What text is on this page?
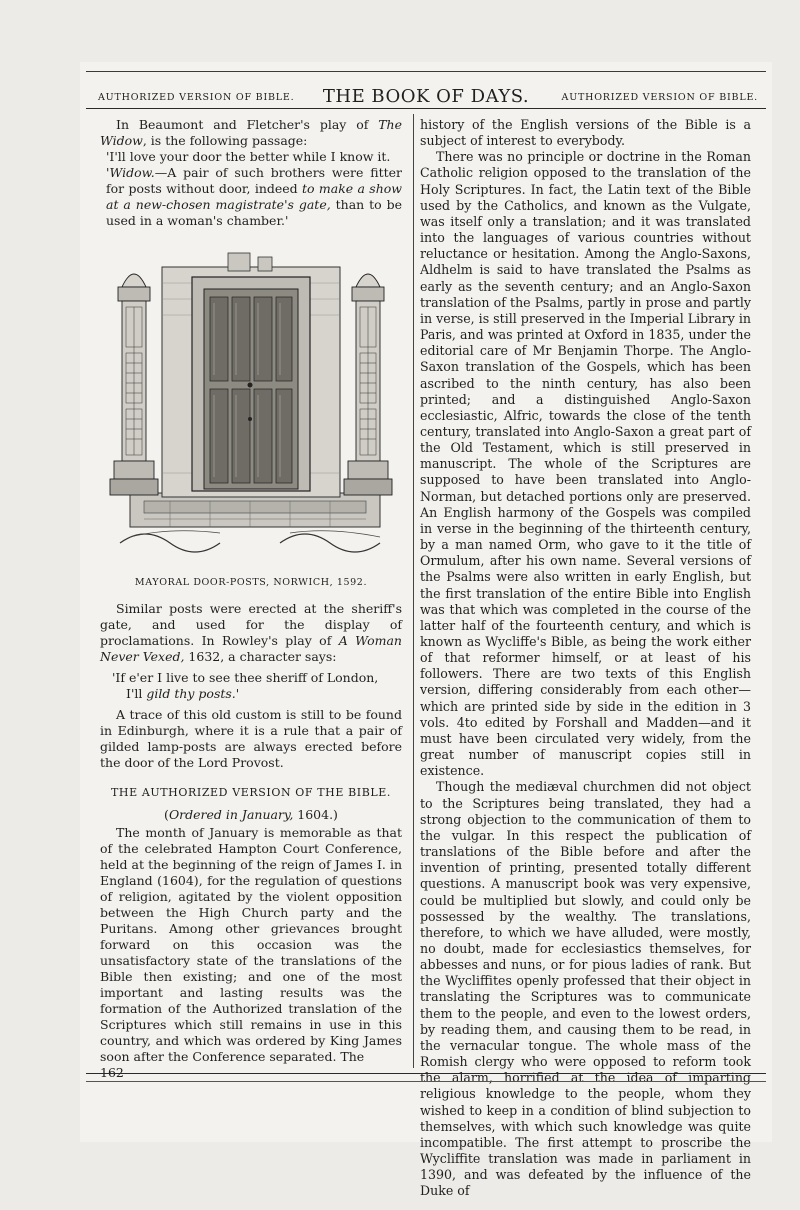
AUTHORIZED VERSION OF BIBLE.	THE BOOK OF DAYS.	AUTHORIZED VERSION OF BIBLE.

In Beaumont and Fletcher's play of The Widow, is the following passage:

'I'll love your door the better while I know it.

'Widow.—A pair of such brothers were fitter for posts without door, indeed to make a show at a new-chosen magistrate's gate, than to be used in a woman's chamber.'

MAYORAL DOOR-POSTS, NORWICH, 1592.

Similar posts were erected at the sheriff's gate, and used for the display of proclamations. In Rowley's play of A Woman Never Vexed, 1632, a character says:

'If e'er I live to see thee sheriff of London,

I'll gild thy posts.'

A trace of this old custom is still to be found in Edinburgh, where it is a rule that a pair of gilded lamp-posts are always erected before the door of the Lord Provost.

THE AUTHORIZED VERSION OF THE BIBLE.
(Ordered in January, 1604.)

The month of January is memorable as that of the celebrated Hampton Court Conference, held at the beginning of the reign of James I. in England (1604), for the regulation of questions of religion, agitated by the violent opposition between the High Church party and the Puritans. Among other grievances brought forward on this occasion was the unsatisfactory state of the translations of the Bible then existing; and one of the most important and lasting results was the formation of the Authorized translation of the Scriptures which still remains in use in this country, and which was ordered by King James soon after the Conference separated. The

162

history of the English versions of the Bible is a subject of interest to everybody.

There was no principle or doctrine in the Roman Catholic religion opposed to the translation of the Holy Scriptures. In fact, the Latin text of the Bible used by the Catholics, and known as the Vulgate, was itself only a translation; and it was translated into the languages of various countries without reluctance or hesitation. Among the Anglo-Saxons, Aldhelm is said to have translated the Psalms as early as the seventh century; and an Anglo-Saxon translation of the Psalms, partly in prose and partly in verse, is still preserved in the Imperial Library in Paris, and was printed at Oxford in 1835, under the editorial care of Mr Benjamin Thorpe. The Anglo-Saxon translation of the Gospels, which has been ascribed to the ninth century, has also been printed; and a distinguished Anglo-Saxon ecclesiastic, Alfric, towards the close of the tenth century, translated into Anglo-Saxon a great part of the Old Testament, which is still preserved in manuscript. The whole of the Scriptures are supposed to have been translated into Anglo-Norman, but detached portions only are preserved. An English harmony of the Gospels was compiled in verse in the beginning of the thirteenth century, by a man named Orm, who gave to it the title of Ormulum, after his own name. Several versions of the Psalms were also written in early English, but the first translation of the entire Bible into English was that which was completed in the course of the latter half of the fourteenth century, and which is known as Wycliffe's Bible, as being the work either of that reformer himself, or at least of his followers. There are two texts of this English version, differing considerably from each other—which are printed side by side in the edition in 3 vols. 4to edited by Forshall and Madden—and it must have been circulated very widely, from the great number of manuscript copies still in existence.

Though the mediæval churchmen did not object to the Scriptures being translated, they had a strong objection to the communication of them to the vulgar. In this respect the publication of translations of the Bible before and after the invention of printing, presented totally different questions. A manuscript book was very expensive, could be multiplied but slowly, and could only be possessed by the wealthy. The translations, therefore, to which we have alluded, were mostly, no doubt, made for ecclesiastics themselves, for abbesses and nuns, or for pious ladies of rank. But the Wycliffites openly professed that their object in translating the Scriptures was to communicate them to the people, and even to the lowest orders, by reading them, and causing them to be read, in the vernacular tongue. The whole mass of the Romish clergy who were opposed to reform took the alarm, horrified at the idea of imparting religious knowledge to the people, whom they wished to keep in a condition of blind subjection to themselves, with which such knowledge was quite incompatible. The first attempt to proscribe the Wycliffite translation was made in parliament in 1390, and was defeated by the influence of the Duke of
